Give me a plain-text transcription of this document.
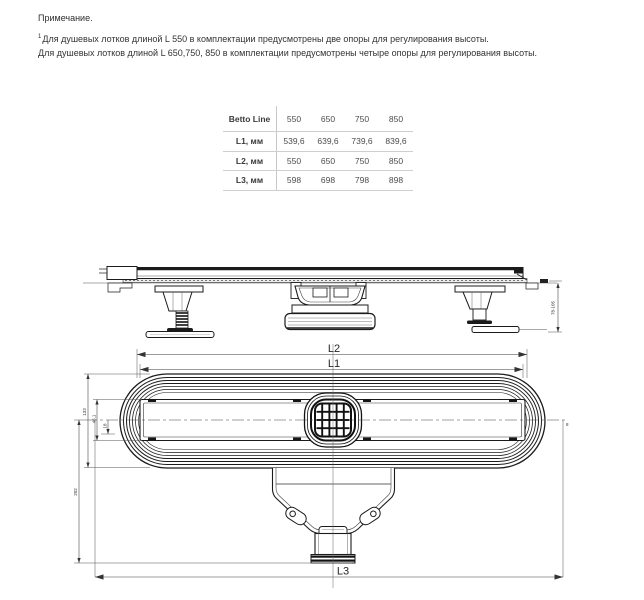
Примечание.

$^1$Для душевых лотков длиной L 550 в комплектации предусмотрены две опоры для регулирования высоты.
Для душевых лотков длиной L 650,750, 850 в комплектации предусмотрены четыре опоры для регулирования высоты.
Betto Line	550	650	750	850
L1, мм	539,6	639,6	739,6	839,6
L2, мм	550	650	750	850
L3, мм	598	698	798	898
78-105
L2
L1
133
46,1
18
202
8
L3
